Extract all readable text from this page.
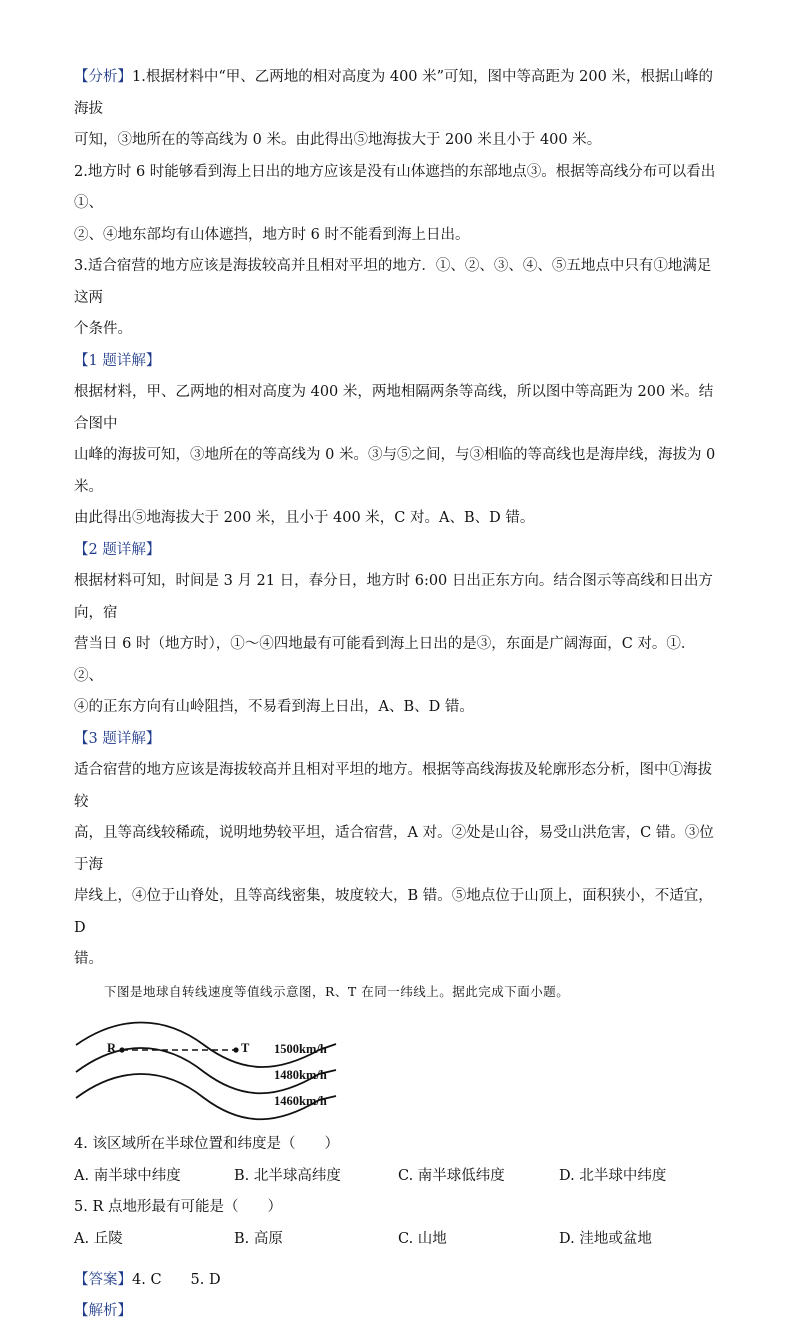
【分析】1.根据材料中“甲、乙两地的相对高度为 400 米”可知，图中等高距为 200 米，根据山峰的海拔

可知，③地所在的等高线为 0 米。由此得出⑤地海拔大于 200 米且小于 400 米。

2.地方时 6 时能够看到海上日出的地方应该是没有山体遮挡的东部地点③。根据等高线分布可以看出①、

②、④地东部均有山体遮挡，地方时 6 时不能看到海上日出。

3.适合宿营的地方应该是海拔较高并且相对平坦的地方．①、②、③、④、⑤五地点中只有①地满足这两

个条件。

【1 题详解】

根据材料，甲、乙两地的相对高度为 400 米，两地相隔两条等高线，所以图中等高距为 200 米。结合图中

山峰的海拔可知，③地所在的等高线为 0 米。③与⑤之间，与③相临的等高线也是海岸线，海拔为 0 米。

由此得出⑤地海拔大于 200 米，且小于 400 米，C 对。A、B、D 错。

【2 题详解】

根据材料可知，时间是 3 月 21 日，春分日，地方时 6:00 日出正东方向。结合图示等高线和日出方向，宿

营当日 6 时（地方时），①～④四地最有可能看到海上日出的是③，东面是广阔海面，C 对。①．②、

④的正东方向有山岭阻挡，不易看到海上日出，A、B、D 错。

【3 题详解】

适合宿营的地方应该是海拔较高并且相对平坦的地方。根据等高线海拔及轮廓形态分析，图中①海拔较

高，且等高线较稀疏，说明地势较平坦，适合宿营，A 对。②处是山谷，易受山洪危害，C 错。③位于海

岸线上，④位于山脊处，且等高线密集，坡度较大，B 错。⑤地点位于山顶上，面积狭小，不适宜，D

错。

下图是地球自转线速度等值线示意图，R、T 在同一纬线上。据此完成下面小题。

R	T 1500km/h
1480km/h
1460km/h

4. 该区域所在半球位置和纬度是（　　）

A. 南半球中纬度	B. 北半球高纬度	C. 南半球低纬度	D. 北半球中纬度

5. R 点地形最有可能是（　　）

A. 丘陵	B. 高原	C. 山地	D. 洼地或盆地

【答案】4. C　　5. D

【解析】
